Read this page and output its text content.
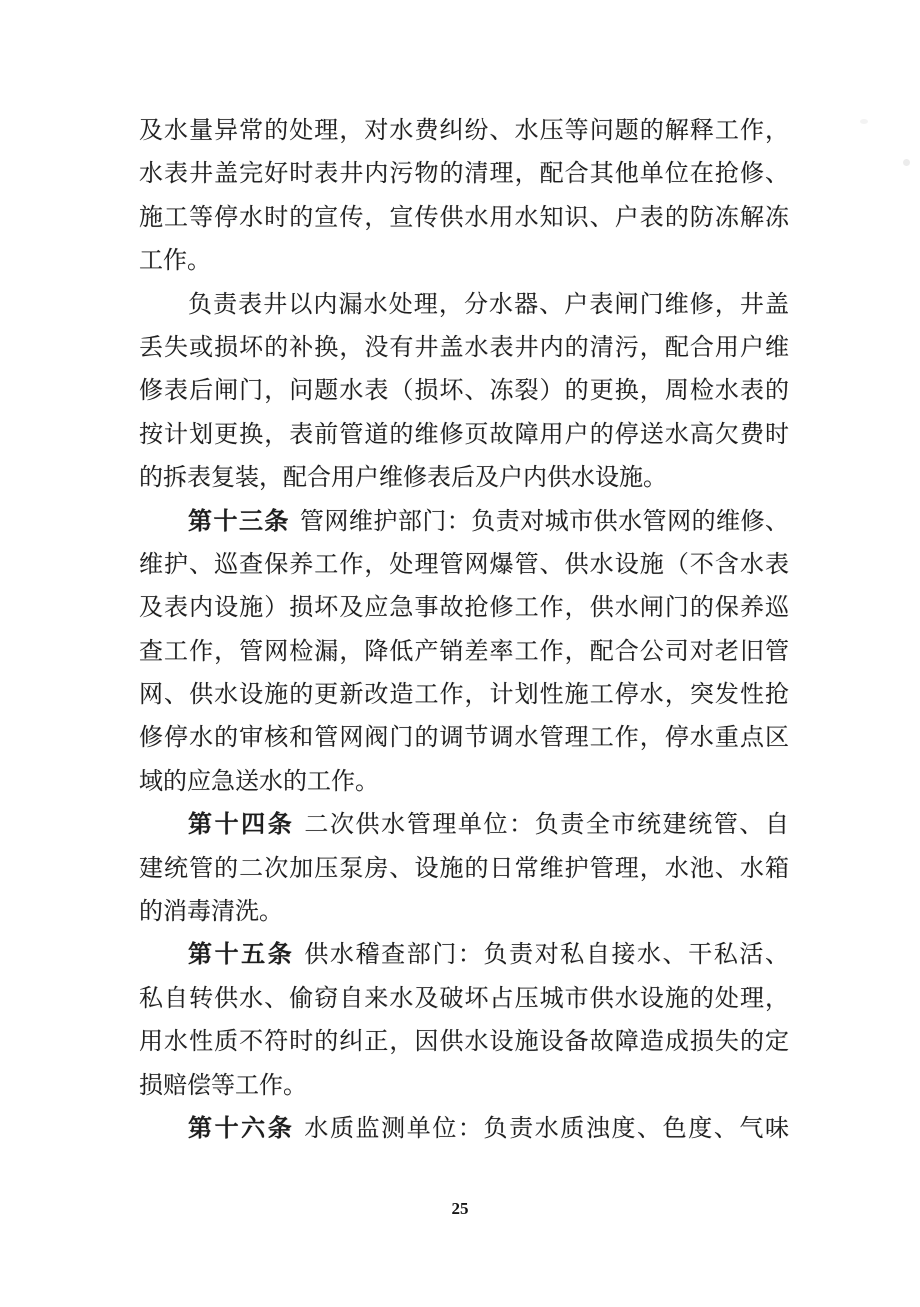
及水量异常的处理，对水费纠纷、水压等问题的解释工作，
水表井盖完好时表井内污物的清理，配合其他单位在抢修、
施工等停水时的宣传，宣传供水用水知识、户表的防冻解冻
工作。
负责表井以内漏水处理，分水器、户表闸门维修，井盖
丢失或损坏的补换，没有井盖水表井内的清污，配合用户维
修表后闸门，问题水表（损坏、冻裂）的更换，周检水表的
按计划更换，表前管道的维修页故障用户的停送水高欠费时
的拆表复装，配合用户维修表后及户内供水设施。
第十三条 管网维护部门：负责对城市供水管网的维修、
维护、巡查保养工作，处理管网爆管、供水设施（不含水表
及表内设施）损坏及应急事故抢修工作，供水闸门的保养巡
查工作，管网检漏，降低产销差率工作，配合公司对老旧管
网、供水设施的更新改造工作，计划性施工停水，突发性抢
修停水的审核和管网阀门的调节调水管理工作，停水重点区
域的应急送水的工作。
第十四条 二次供水管理单位：负责全市统建统管、自
建统管的二次加压泵房、设施的日常维护管理，水池、水箱
的消毒清洗。
第十五条 供水稽查部门：负责对私自接水、干私活、
私自转供水、偷窃自来水及破坏占压城市供水设施的处理，
用水性质不符时的纠正，因供水设施设备故障造成损失的定
损赔偿等工作。
第十六条 水质监测单位：负责水质浊度、色度、气味
25
